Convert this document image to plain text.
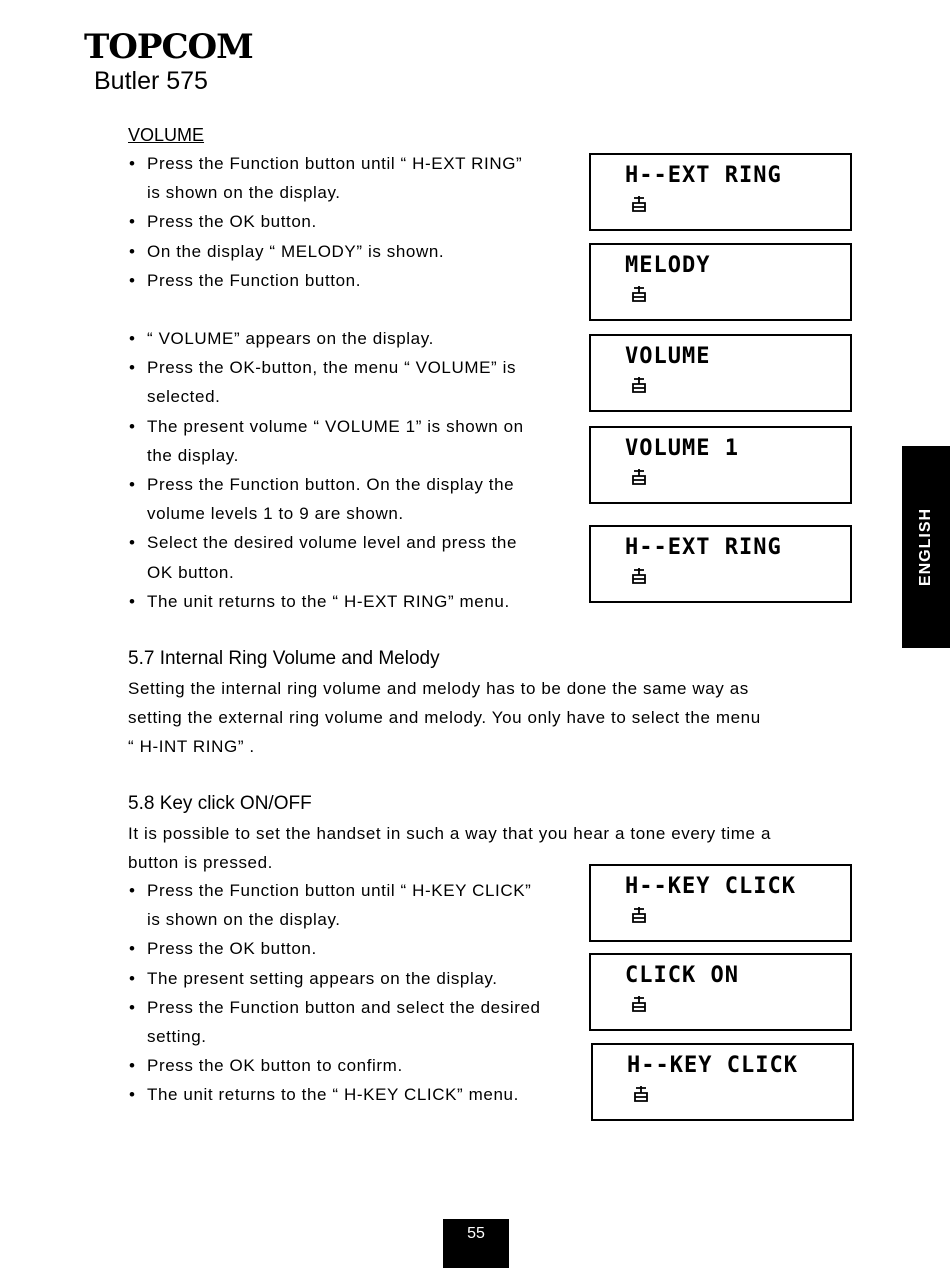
TOPCOM
Butler 575
VOLUME
• Press the Function button until “ H-EXT RING”
is shown on the display.
• Press the OK button.
• On the display “ MELODY” is shown.
• Press the Function button.
• “ VOLUME” appears on the display.
• Press the OK-button, the menu “ VOLUME” is
selected.
• The present volume “ VOLUME 1” is shown on
the display.
• Press the Function button. On the display the
volume levels 1 to 9 are shown.
• Select the desired volume level and press the
OK button.
• The unit returns to the “ H-EXT RING” menu.
H--EXT RING
MELODY
VOLUME
VOLUME 1
H--EXT RING
5.7 Internal Ring Volume and Melody

Setting the internal ring volume and melody has to be done the same way as
setting the external ring volume and melody. You only have to select the menu
“ H-INT RING” .

5.8 Key click ON/OFF

It is possible to set the handset in such a way that you hear a tone every time a
button is pressed.

• Press the Function button until “ H-KEY CLICK”
is shown on the display.
• Press the OK button.
• The present setting appears on the display.
• Press the Function button and select the desired
setting.
• Press the OK button to confirm.
• The unit returns to the “ H-KEY CLICK” menu.
H--KEY CLICK
CLICK ON
H--KEY CLICK
ENGLISH
55
